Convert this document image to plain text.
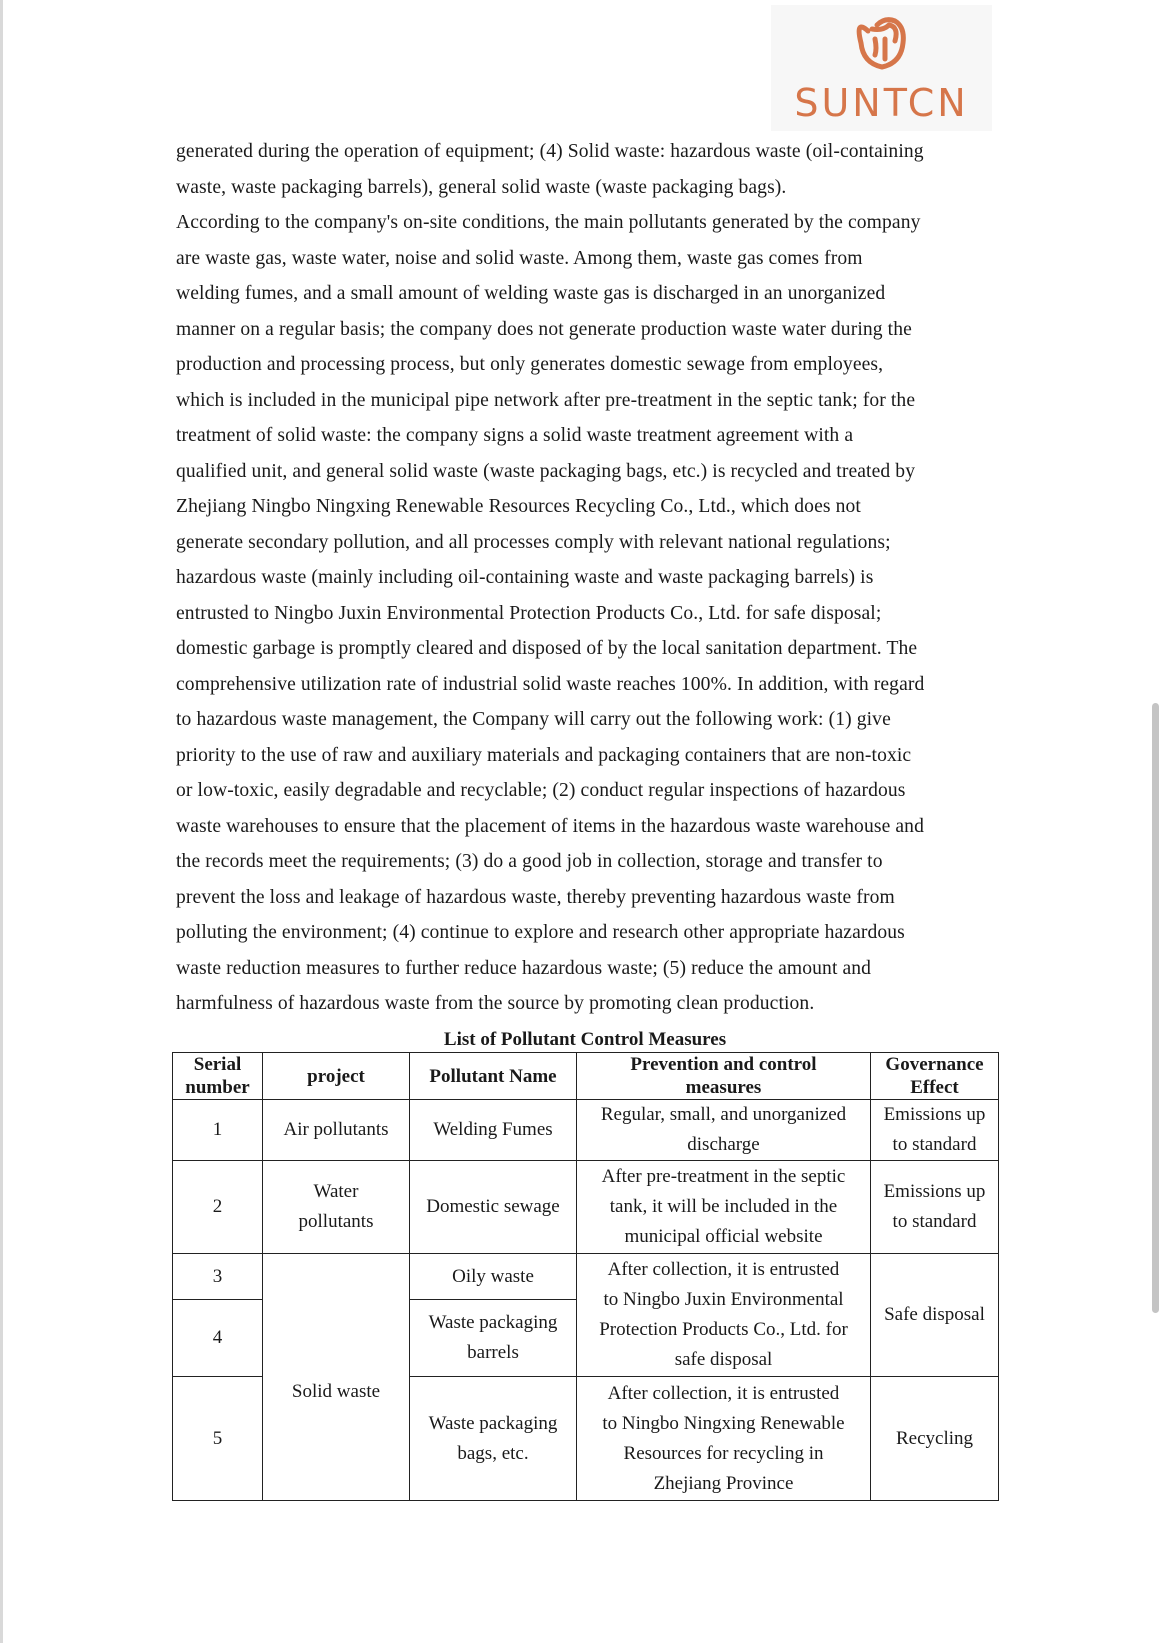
SUNTCN
generated during the operation of equipment; (4) Solid waste: hazardous waste (oil-containing
waste, waste packaging barrels), general solid waste (waste packaging bags).
According to the company's on-site conditions, the main pollutants generated by the company
are waste gas, waste water, noise and solid waste. Among them, waste gas comes from
welding fumes, and a small amount of welding waste gas is discharged in an unorganized
manner on a regular basis; the company does not generate production waste water during the
production and processing process, but only generates domestic sewage from employees,
which is included in the municipal pipe network after pre-treatment in the septic tank; for the
treatment of solid waste: the company signs a solid waste treatment agreement with a
qualified unit, and general solid waste (waste packaging bags, etc.) is recycled and treated by
Zhejiang Ningbo Ningxing Renewable Resources Recycling Co., Ltd., which does not
generate secondary pollution, and all processes comply with relevant national regulations;
hazardous waste (mainly including oil-containing waste and waste packaging barrels) is
entrusted to Ningbo Juxin Environmental Protection Products Co., Ltd. for safe disposal;
domestic garbage is promptly cleared and disposed of by the local sanitation department. The
comprehensive utilization rate of industrial solid waste reaches 100%. In addition, with regard
to hazardous waste management, the Company will carry out the following work: (1) give
priority to the use of raw and auxiliary materials and packaging containers that are non-toxic
or low-toxic, easily degradable and recyclable; (2) conduct regular inspections of hazardous
waste warehouses to ensure that the placement of items in the hazardous waste warehouse and
the records meet the requirements; (3) do a good job in collection, storage and transfer to
prevent the loss and leakage of hazardous waste, thereby preventing hazardous waste from
polluting the environment; (4) continue to explore and research other appropriate hazardous
waste reduction measures to further reduce hazardous waste; (5) reduce the amount and
harmfulness of hazardous waste from the source by promoting clean production.
List of Pollutant Control Measures
Serial
number	project	Pollutant Name	Prevention and control
measures	Governance
Effect

1	Air pollutants	Welding Fumes	Regular, small, and unorganized
discharge	Emissions up
to standard

2	Water
pollutants	Domestic sewage	After pre-treatment in the septic
tank, it will be included in the
municipal official website	Emissions up
to standard

3	Solid waste	Oily waste	After collection, it is entrusted
to Ningbo Juxin Environmental
Protection Products Co., Ltd. for
safe disposal	Safe disposal
4		Waste packaging
barrels		

5		Waste packaging
bags, etc.	After collection, it is entrusted
to Ningbo Ningxing Renewable
Resources for recycling in
Zhejiang Province	Recycling
